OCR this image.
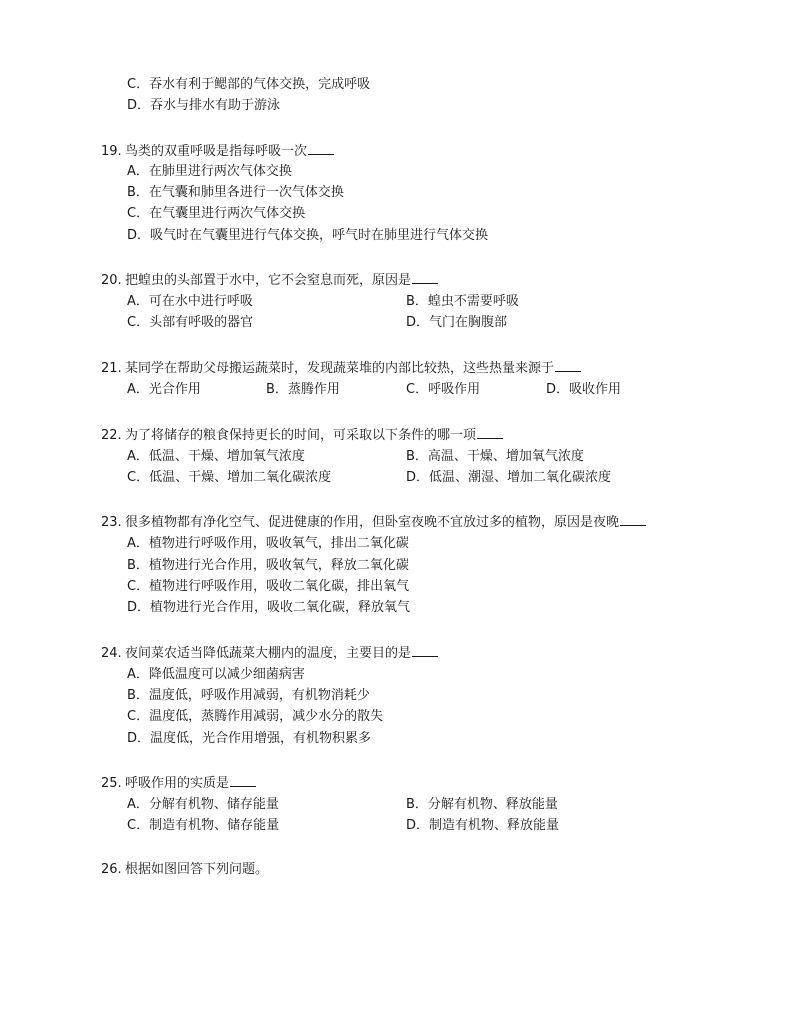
C．吞水有利于鳃部的气体交换，完成呼吸
D．吞水与排水有助于游泳
19. 鸟类的双重呼吸是指每呼吸一次
A．在肺里进行两次气体交换
B．在气囊和肺里各进行一次气体交换
C．在气囊里进行两次气体交换
D．吸气时在气囊里进行气体交换，呼气时在肺里进行气体交换
20. 把蝗虫的头部置于水中，它不会窒息而死，原因是
A．可在水中进行呼吸	B．蝗虫不需要呼吸
C．头部有呼吸的器官	D．气门在胸腹部
21. 某同学在帮助父母搬运蔬菜时，发现蔬菜堆的内部比较热，这些热量来源于
A．光合作用	B．蒸腾作用	C．呼吸作用	D．吸收作用
22. 为了将储存的粮食保持更长的时间，可采取以下条件的哪一项
A．低温、干燥、增加氧气浓度	B．高温、干燥、增加氧气浓度
C．低温、干燥、增加二氧化碳浓度	D．低温、潮湿、增加二氧化碳浓度
23. 很多植物都有净化空气、促进健康的作用，但卧室夜晚不宜放过多的植物，原因是夜晚
A．植物进行呼吸作用，吸收氧气，排出二氧化碳
B．植物进行光合作用，吸收氧气，释放二氧化碳
C．植物进行呼吸作用，吸收二氧化碳，排出氧气
D．植物进行光合作用，吸收二氧化碳，释放氧气
24. 夜间菜农适当降低蔬菜大棚内的温度，主要目的是
A．降低温度可以减少细菌病害
B．温度低，呼吸作用减弱，有机物消耗少
C．温度低，蒸腾作用减弱，减少水分的散失
D．温度低，光合作用增强，有机物积累多
25. 呼吸作用的实质是
A．分解有机物、储存能量	B．分解有机物、释放能量
C．制造有机物、储存能量	D．制造有机物、释放能量
26. 根据如图回答下列问题。
